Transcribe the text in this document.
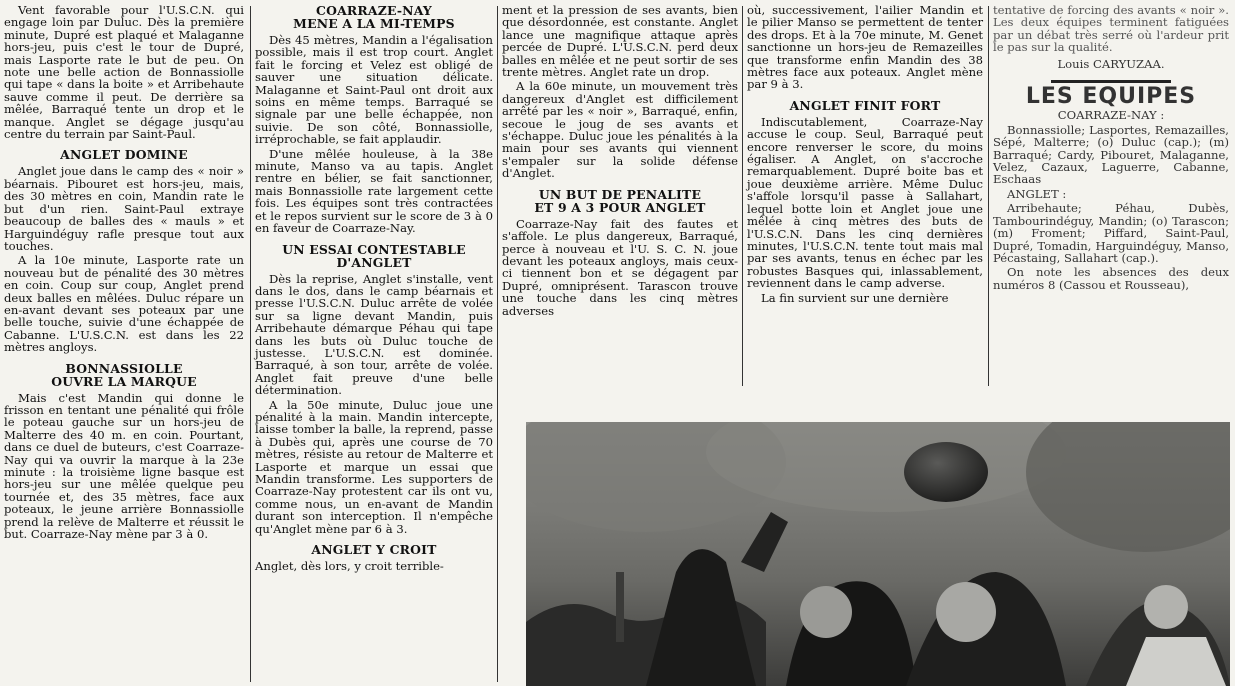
Vent favorable pour l'U.S.C.N. qui engage loin par Duluc. Dès la première minute, Dupré est plaqué et Malaganne hors-jeu, puis c'est le tour de Dupré, mais Lasporte rate le but de peu. On note une belle action de Bonnassiolle qui tape « dans la boite » et Arribehaute sauve comme il peut. De derrière sa mêlée, Barraqué tente un drop et le manque. Anglet se dégage jusqu'au centre du terrain par Saint-Paul.

ANGLET DOMINE

Anglet joue dans le camp des « noir » béarnais. Pibouret est hors-jeu, mais, des 30 mètres en coin, Mandin rate le but d'un rien. Saint-Paul extraye beaucoup de balles des « mauls » et Harguindéguy rafle presque tout aux touches.

A la 10e minute, Lasporte rate un nouveau but de pénalité des 30 mètres en coin. Coup sur coup, Anglet prend deux balles en mêlées. Duluc répare un en-avant devant ses poteaux par une belle touche, suivie d'une échappée de Cabanne. L'U.S.C.N. est dans les 22 mètres angloys.

BONNASSIOLLE
OUVRE LA MARQUE

Mais c'est Mandin qui donne le frisson en tentant une pénalité qui frôle le poteau gauche sur un hors-jeu de Malterre des 40 m. en coin. Pourtant, dans ce duel de buteurs, c'est Coarraze-Nay qui va ouvrir la marque à la 23e minute : la troisième ligne basque est hors-jeu sur une mêlée quelque peu tournée et, des 35 mètres, face aux poteaux, le jeune arrière Bonnassiolle prend la relève de Malterre et réussit le but. Coarraze-Nay mène par 3 à 0.

COARRAZE-NAY
MENE A LA MI-TEMPS

Dès 45 mètres, Mandin a l'égalisation possible, mais il est trop court. Anglet fait le forcing et Velez est obligé de sauver une situation délicate. Malaganne et Saint-Paul ont droit aux soins en même temps. Barraqué se signale par une belle échappée, non suivie. De son côté, Bonnassiolle, irréprochable, se fait applaudir.

D'une mêlée houleuse, à la 38e minute, Manso va au tapis. Anglet rentre en bélier, se fait sanctionner, mais Bonnassiolle rate largement cette fois. Les équipes sont très contractées et le repos survient sur le score de 3 à 0 en faveur de Coarraze-Nay.

UN ESSAI CONTESTABLE
D'ANGLET

Dès la reprise, Anglet s'installe, vent dans le dos, dans le camp béarnais et presse l'U.S.C.N. Duluc arrête de volée sur sa ligne devant Mandin, puis Arribehaute démarque Péhau qui tape dans les buts où Duluc touche de justesse. L'U.S.C.N. est dominée. Barraqué, à son tour, arrête de volée. Anglet fait preuve d'une belle détermination.

A la 50e minute, Duluc joue une pénalité à la main. Mandin intercepte, laisse tomber la balle, la reprend, passe à Dubès qui, après une course de 70 mètres, résiste au retour de Malterre et Lasporte et marque un essai que Mandin transforme. Les supporters de Coarraze-Nay protestent car ils ont vu, comme nous, un en-avant de Mandin durant son interception. Il n'empêche qu'Anglet mène par 6 à 3.

ANGLET Y CROIT

Anglet, dès lors, y croit terrible-

ment et la pression de ses avants, bien que désordonnée, est constante. Anglet lance une magnifique attaque après percée de Dupré. L'U.S.C.N. perd deux balles en mêlée et ne peut sortir de ses trente mètres. Anglet rate un drop.

A la 60e minute, un mouvement très dangereux d'Anglet est difficilement arrêté par les « noir », Barraqué, enfin, secoue le joug de ses avants et s'échappe. Duluc joue les pénalités à la main pour ses avants qui viennent s'empaler sur la solide défense d'Anglet.

UN BUT DE PENALITE
ET 9 A 3 POUR ANGLET

Coarraze-Nay fait des fautes et s'affole. Le plus dangereux, Barraqué, perce à nouveau et l'U. S. C. N. joue devant les poteaux angloys, mais ceux-ci tiennent bon et se dégagent par Dupré, omniprésent. Tarascon trouve une touche dans les cinq mètres adverses

où, successivement, l'ailier Mandin et le pilier Manso se permettent de tenter des drops. Et à la 70e minute, M. Genet sanctionne un hors-jeu de Remazeilles que transforme enfin Mandin des 38 mètres face aux poteaux. Anglet mène par 9 à 3.

ANGLET FINIT FORT

Indiscutablement, Coarraze-Nay accuse le coup. Seul, Barraqué peut encore renverser le score, du moins égaliser. A Anglet, on s'accroche remarquablement. Dupré boite bas et joue deuxième arrière. Même Duluc s'affole lorsqu'il passe à Sallahart, lequel botte loin et Anglet joue une mêlée à cinq mètres des buts de l'U.S.C.N. Dans les cinq dernières minutes, l'U.S.C.N. tente tout mais mal par ses avants, tenus en échec par les robustes Basques qui, inlassablement, reviennent dans le camp adverse.

La fin survient sur une dernière

tentative de forcing des avants « noir ». Les deux équipes terminent fatiguées par un débat très serré où l'ardeur prit le pas sur la qualité.

Louis CARYUZAA.
LES EQUIPES

COARRAZE-NAY :

Bonnassiolle; Lasportes, Remazailles, Sépé, Malterre; (o) Duluc (cap.); (m) Barraqué; Cardy, Pibouret, Malaganne, Velez, Cazaux, Laguerre, Cabanne, Eschaas

ANGLET :

Arribehaute; Péhau, Dubès, Tambourindéguy, Mandin; (o) Tarascon; (m) Froment; Piffard, Saint-Paul, Dupré, Tomadin, Harguindéguy, Manso, Pécastaing, Sallahart (cap.).

On note les absences des deux numéros 8 (Cassou et Rousseau),
